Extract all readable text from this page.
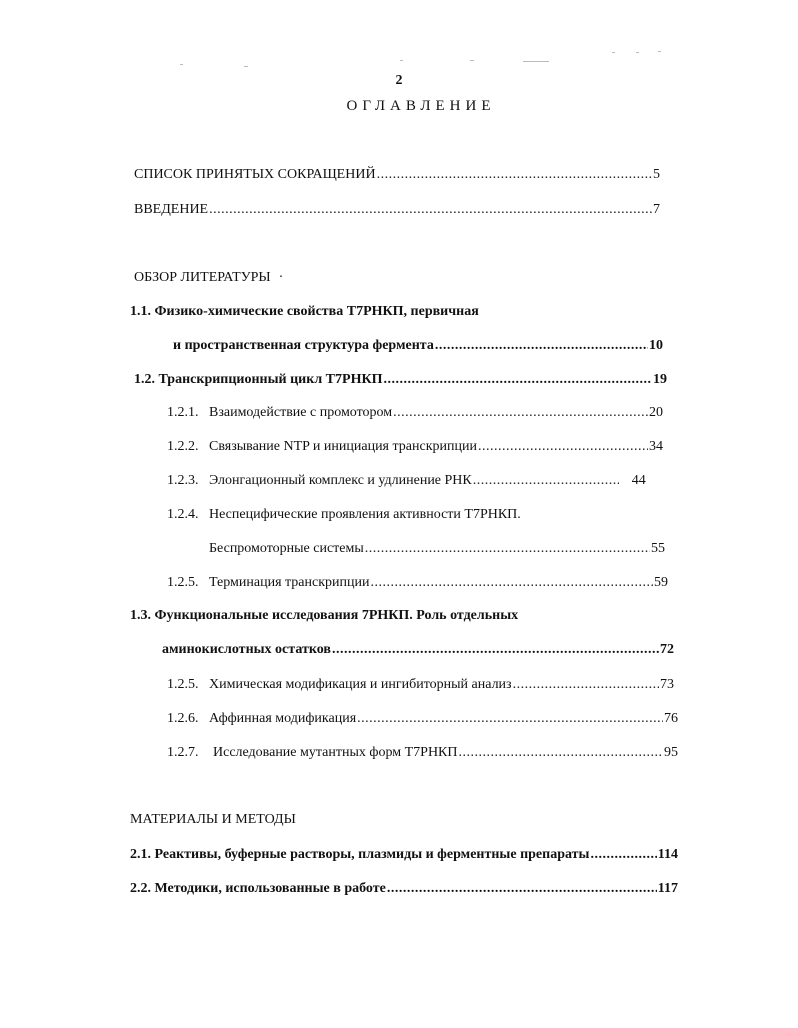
2
ОГЛАВЛЕНИЕ
СПИСОК ПРИНЯТЫХ СОКРАЩЕНИЙ .....	5
ВВЕДЕНИЕ .....	7
ОБЗОР ЛИТЕРАТУРЫ ·
1.1. Физико-химические свойства Т7РНКП, первичная
и пространственная структура фермента .....	10
1.2. Транскрипционный цикл Т7РНКП .....	19
1.2.1. Взаимодействие с промотором .....	20
1.2.2. Связывание NTP и инициация транскрипции .....	34
1.2.3. Элонгационный комплекс и удлинение РНК .....	44
1.2.4. Неспецифические проявления активности Т7РНКП.
Беспромоторные системы .....	55
1.2.5. Терминация транскрипции .....	59
1.3. Функциональные исследования 7РНКП. Роль отдельных
аминокислотных остатков .....	72
1.2.5. Химическая модификация и ингибиторный анализ .....	73
1.2.6. Аффинная модификация .....	76
1.2.7.	Исследование мутантных форм Т7РНКП .....	95
МАТЕРИАЛЫ И МЕТОДЫ
2.1. Реактивы, буферные растворы, плазмиды и ферментные препараты .....	114
2.2. Методики, использованные в работе .....	117
